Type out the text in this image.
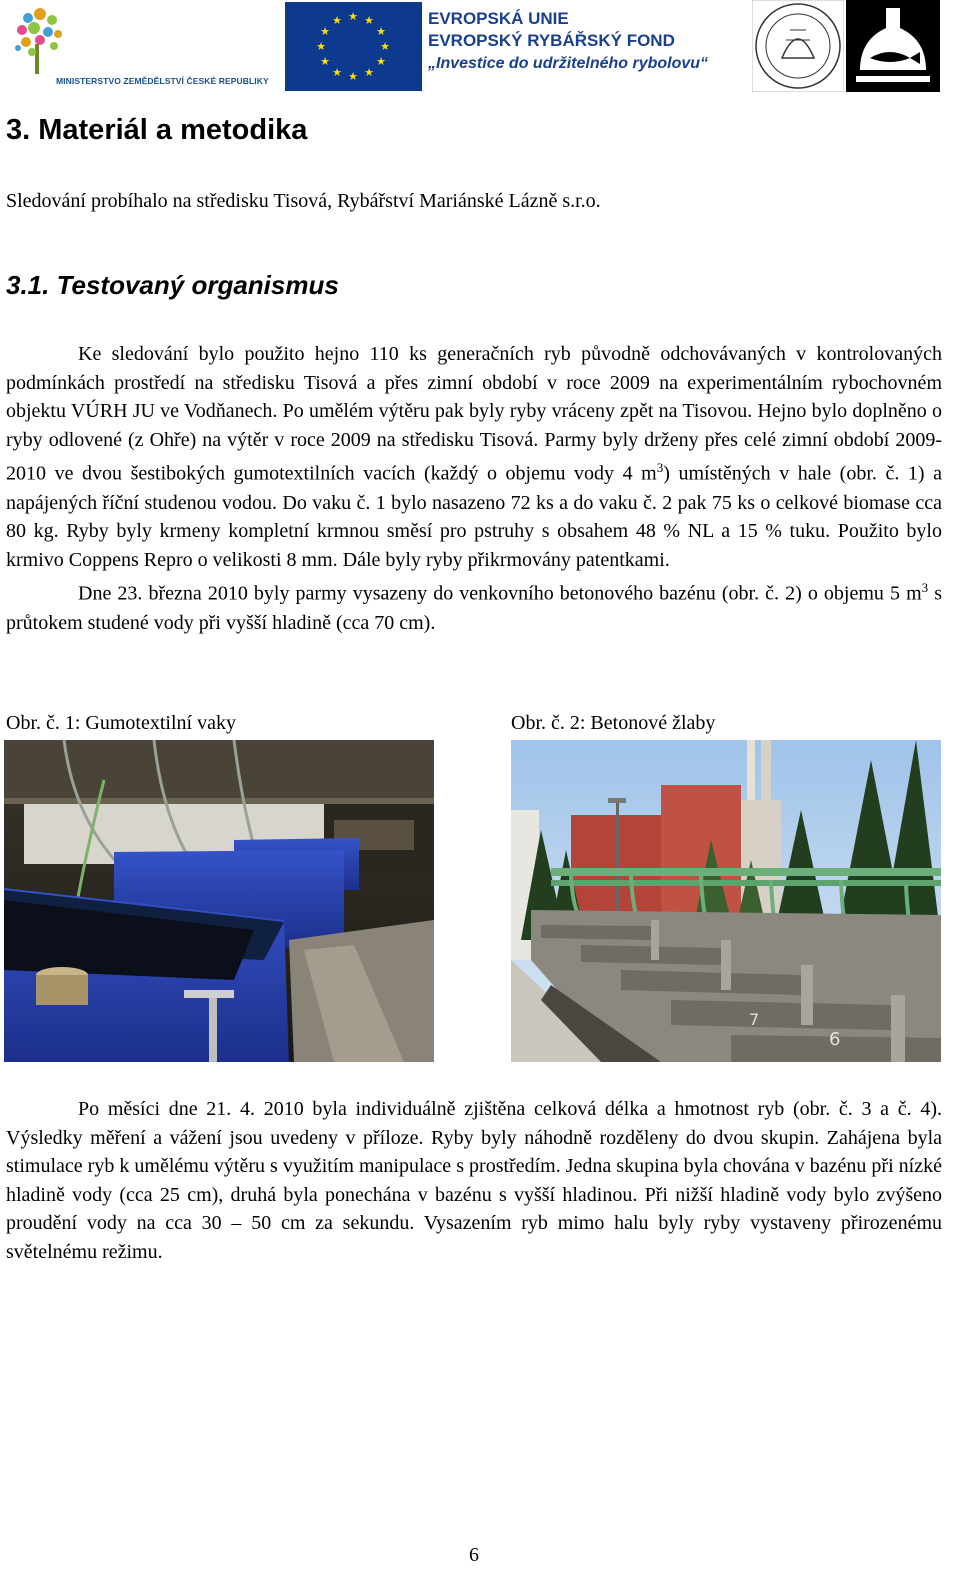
MINISTERSTVO ZEMĚDĚLSTVÍ ČESKÉ REPUBLIKY
★ ★
★
★
★
★
★
★
★
★
★
★	EVROPSKÁ UNIE
EVROPSKÝ RYBÁŘSKÝ FOND
„Investice do udržitelného rybolovu“
3. Materiál a metodika
Sledování probíhalo na středisku Tisová, Rybářství Mariánské Lázně s.r.o.
3.1. Testovaný organismus

Ke sledování bylo použito hejno 110 ks generačních ryb původně odchovávaných v kontrolovaných podmínkách prostředí na středisku Tisová a přes zimní období v roce 2009 na experimentálním rybochovném objektu VÚRH JU ve Vodňanech. Po umělém výtěru pak byly ryby vráceny zpět na Tisovou. Hejno bylo doplněno o ryby odlovené (z Ohře) na výtěr v roce 2009 na středisku Tisová. Parmy byly drženy přes celé zimní období 2009-2010 ve dvou šestibokých gumotextilních vacích (každý o objemu vody 4 $m^3$) umístěných v hale (obr. č. 1) a napájených říční studenou vodou. Do vaku č. 1 bylo nasazeno 72 ks a do vaku č. 2 pak 75 ks o celkové biomase cca 80 kg. Ryby byly krmeny kompletní krmnou směsí pro pstruhy s obsahem 48 % NL a 15 % tuku. Použito bylo krmivo Coppens Repro o velikosti 8 mm. Dále byly ryby přikrmovány patentkami.

Dne 23. března 2010 byly parmy vysazeny do venkovního betonového bazénu (obr. č. 2) o objemu 5 $m^3$ s průtokem studené vody při vyšší hladině (cca 70 cm).

Obr. č. 1: Gumotextilní vaky	Obr. č. 2: Betonové žlaby
7
6

Po měsíci dne 21. 4. 2010 byla individuálně zjištěna celková délka a hmotnost ryb (obr. č. 3 a č. 4). Výsledky měření a vážení jsou uvedeny v příloze. Ryby byly náhodně rozděleny do dvou skupin. Zahájena byla stimulace ryb k umělému výtěru s využitím manipulace s prostředím. Jedna skupina byla chována v bazénu při nízké hladině vody (cca 25 cm), druhá byla ponechána v bazénu s vyšší hladinou. Při nižší hladině vody bylo zvýšeno proudění vody na cca 30 – 50 cm za sekundu. Vysazením ryb mimo halu byly ryby vystaveny přirozenému světelnému režimu.

6
